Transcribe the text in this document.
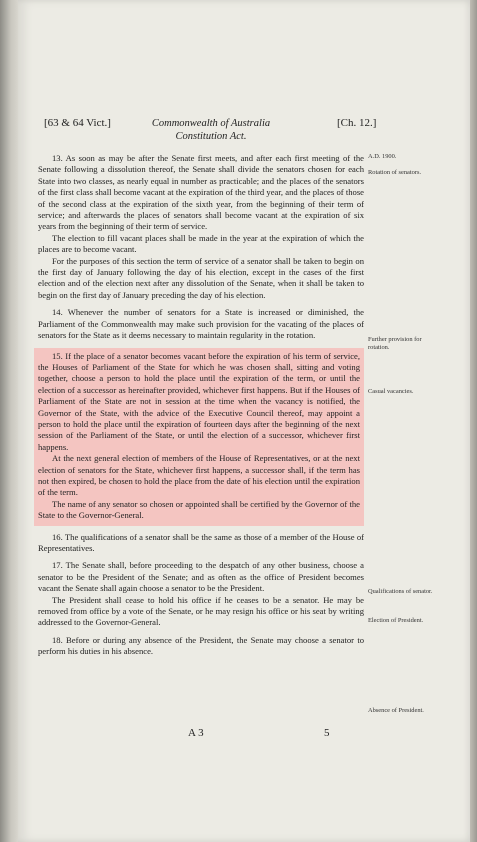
[63 & 64 Vict.]	Commonwealth of Australia
Constitution Act.
[Ch. 12.]

13. As soon as may be after the Senate first meets, and after each first meeting of the Senate following a dissolution thereof, the Senate shall divide the senators chosen for each State into two classes, as nearly equal in number as practicable; and the places of the senators of the first class shall become vacant at the expiration of the third year, and the places of those of the second class at the expiration of the sixth year, from the beginning of their term of service; and afterwards the places of senators shall become vacant at the expiration of six years from the beginning of their term of service.

The election to fill vacant places shall be made in the year at the expiration of which the places are to become vacant.

For the purposes of this section the term of service of a senator shall be taken to begin on the first day of January following the day of his election, except in the cases of the first election and of the election next after any dissolution of the Senate, when it shall be taken to begin on the first day of January preceding the day of his election.

14. Whenever the number of senators for a State is increased or diminished, the Parliament of the Commonwealth may make such provision for the vacating of the places of senators for the State as it deems necessary to maintain regularity in the rotation.

15. If the place of a senator becomes vacant before the expiration of his term of service, the Houses of Parliament of the State for which he was chosen shall, sitting and voting together, choose a person to hold the place until the expiration of the term, or until the election of a successor as hereinafter provided, whichever first happens. But if the Houses of Parliament of the State are not in session at the time when the vacancy is notified, the Governor of the State, with the advice of the Executive Council thereof, may appoint a person to hold the place until the expiration of fourteen days after the beginning of the next session of the Parliament of the State, or until the election of a successor, whichever first happens.

At the next general election of members of the House of Representatives, or at the next election of senators for the State, whichever first happens, a successor shall, if the term has not then expired, be chosen to hold the place from the date of his election until the expiration of the term.

The name of any senator so chosen or appointed shall be certified by the Governor of the State to the Governor-General.

16. The qualifications of a senator shall be the same as those of a member of the House of Representatives.

17. The Senate shall, before proceeding to the despatch of any other business, choose a senator to be the President of the Senate; and as often as the office of President becomes vacant the Senate shall again choose a senator to be the President.

The President shall cease to hold his office if he ceases to be a senator. He may be removed from office by a vote of the Senate, or he may resign his office or his seat by writing addressed to the Governor-General.

18. Before or during any absence of the President, the Senate may choose a senator to perform his duties in his absence.

A.D. 1900.
Rotation of senators.
Further provision for rotation.
Casual vacancies.
Qualifications of senator.
Election of President.
Absence of President.
A 3	5
